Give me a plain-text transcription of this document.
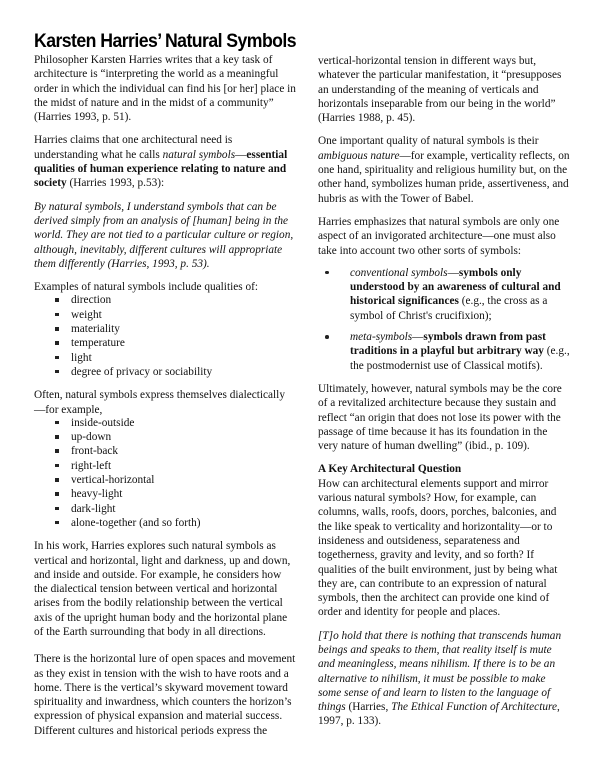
Karsten Harries’ Natural Symbols

Philosopher Karsten Harries writes that a key task of architecture is “interpreting the world as a meaningful order in which the individual can find his [or her] place in the midst of nature and in the midst of a community” (Harries 1993, p. 51).

Harries claims that one architectural need is understanding what he calls natural symbols—essential qualities of human experience relating to nature and society (Harries 1993, p.53):

By natural symbols, I understand symbols that can be derived simply from an analysis of [human] being in the world. They are not tied to a particular culture or region, although, inevitably, different cultures will appropriate them differently (Harries, 1993, p. 53).

Examples of natural symbols include qualities of:

direction
weight
materiality
temperature
light
degree of privacy or sociability

Often, natural symbols express themselves dialectically—for example,

inside-outside
up-down
front-back
right-left
vertical-horizontal
heavy-light
dark-light
alone-together (and so forth)

In his work, Harries explores such natural symbols as vertical and horizontal, light and darkness, up and down, and inside and outside. For example, he considers how the dialectical tension between vertical and horizontal arises from the bodily relationship between the vertical axis of the upright human body and the horizontal plane of the Earth surrounding that body in all directions.

There is the horizontal lure of open spaces and movement as they exist in tension with the wish to have roots and a home. There is the vertical’s skyward movement toward spirituality and inwardness, which counters the horizon’s expression of physical expansion and material success.

Different cultures and historical periods express the

vertical-horizontal tension in different ways but, whatever the particular manifestation, it “presupposes an understanding of the meaning of verticals and horizontals inseparable from our being in the world” (Harries 1988, p. 45).

One important quality of natural symbols is their ambiguous nature—for example, verticality reflects, on one hand, spirituality and religious humility but, on the other hand, symbolizes human pride, assertiveness, and hubris as with the Tower of Babel.

Harries emphasizes that natural symbols are only one aspect of an invigorated architecture—one must also take into account two other sorts of symbols:

conventional symbols—symbols only understood by an awareness of cultural and historical significances (e.g., the cross as a symbol of Christ's crucifixion);
meta-symbols—symbols drawn from past traditions in a playful but arbitrary way (e.g., the postmodernist use of Classical motifs).

Ultimately, however, natural symbols may be the core of a revitalized architecture because they sustain and reflect “an origin that does not lose its power with the passage of time because it has its foundation in the very nature of human dwelling” (ibid., p. 109).

A Key Architectural Question

How can architectural elements support and mirror various natural symbols? How, for example, can columns, walls, roofs, doors, porches, balconies, and the like speak to verticality and horizontality—or to insideness and outsideness, separateness and togetherness, gravity and levity, and so forth? If qualities of the built environment, just by being what they are, can contribute to an expression of natural symbols, then the architect can provide one kind of order and identity for people and places.

[T]o hold that there is nothing that transcends human beings and speaks to them, that reality itself is mute and meaningless, means nihilism. If there is to be an alternative to nihilism, it must be possible to make some sense of and learn to listen to the language of things (Harries, The Ethical Function of Architecture, 1997, p. 133).
